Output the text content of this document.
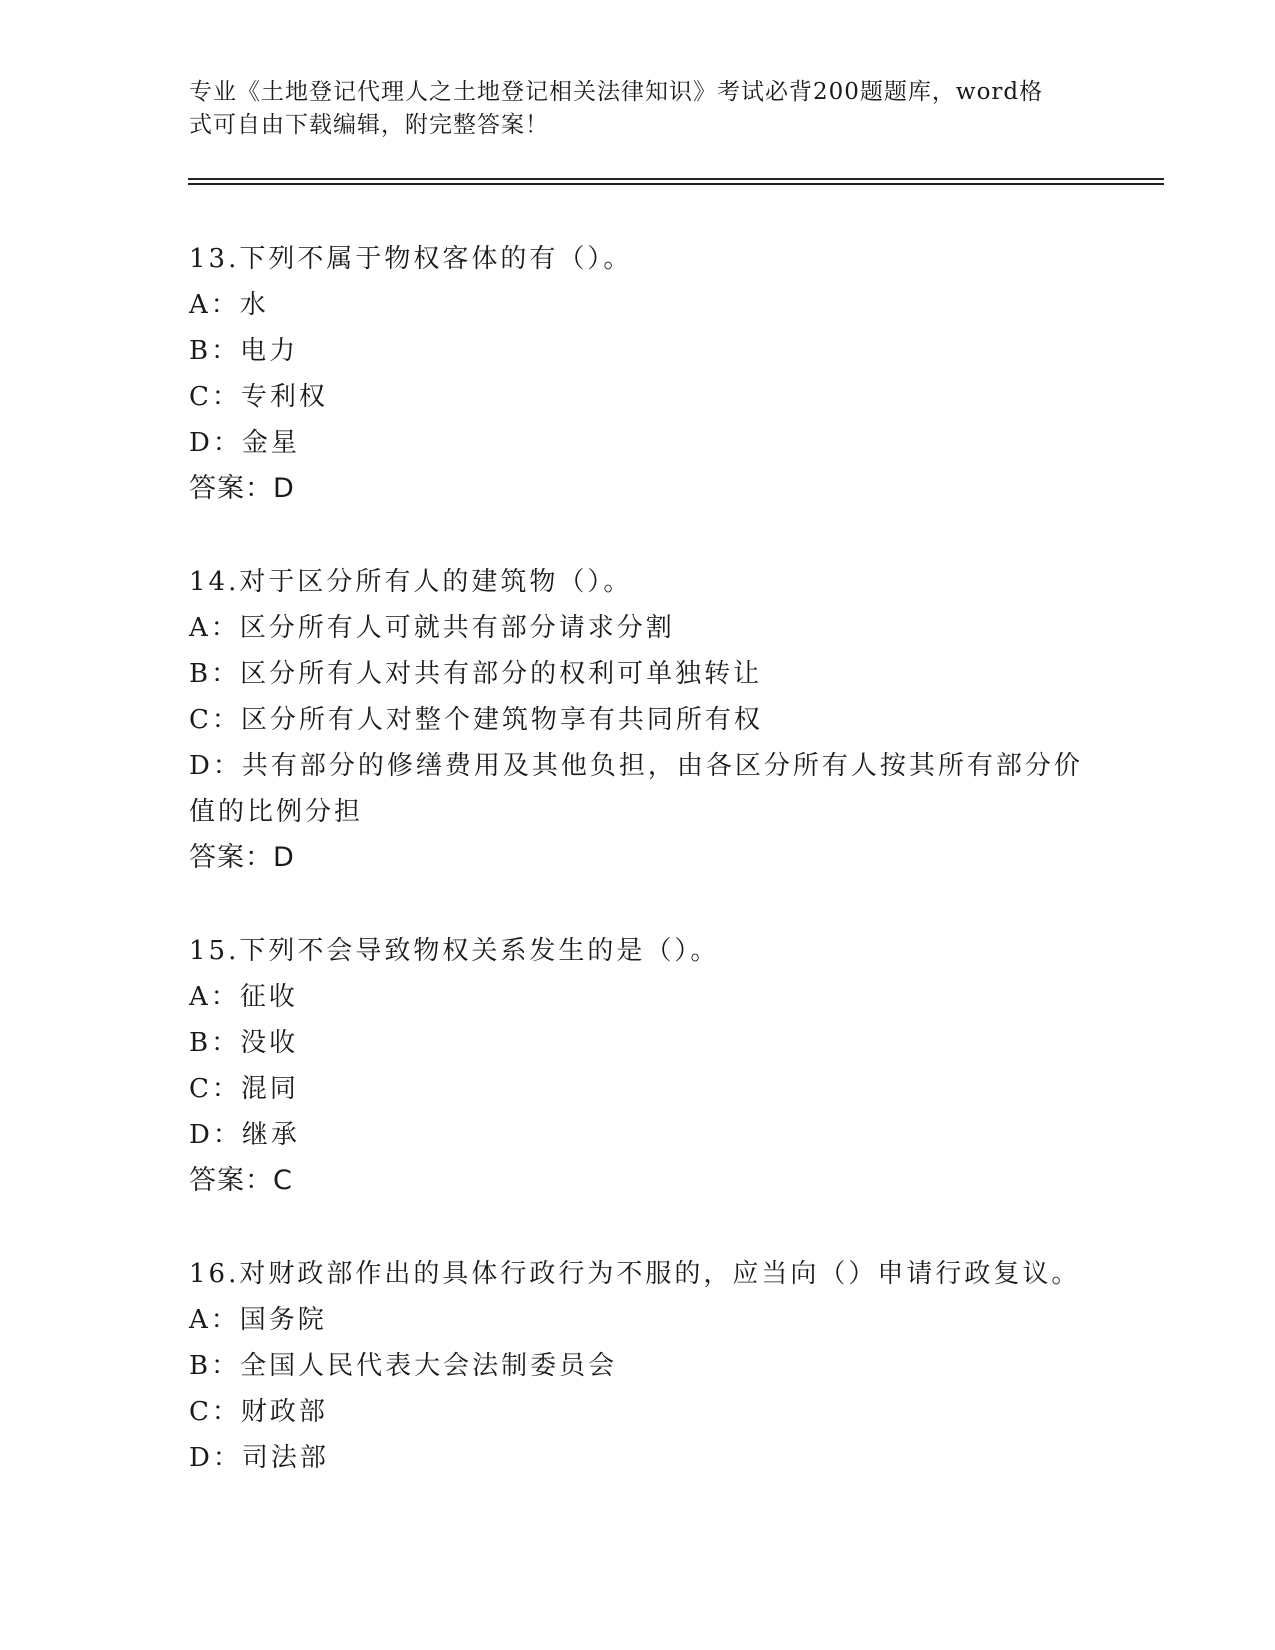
专业《土地登记代理人之土地登记相关法律知识》考试必背200题题库，word格
式可自由下载编辑，附完整答案！
13.下列不属于物权客体的有（）。
A：水
B：电力
C：专利权
D：金星
答案：D
14.对于区分所有人的建筑物（）。
A：区分所有人可就共有部分请求分割
B：区分所有人对共有部分的权利可单独转让
C：区分所有人对整个建筑物享有共同所有权
D：共有部分的修缮费用及其他负担，由各区分所有人按其所有部分价
值的比例分担
答案：D
15.下列不会导致物权关系发生的是（）。
A：征收
B：没收
C：混同
D：继承
答案：C
16.对财政部作出的具体行政行为不服的，应当向（）申请行政复议。
A：国务院
B：全国人民代表大会法制委员会
C：财政部
D：司法部
